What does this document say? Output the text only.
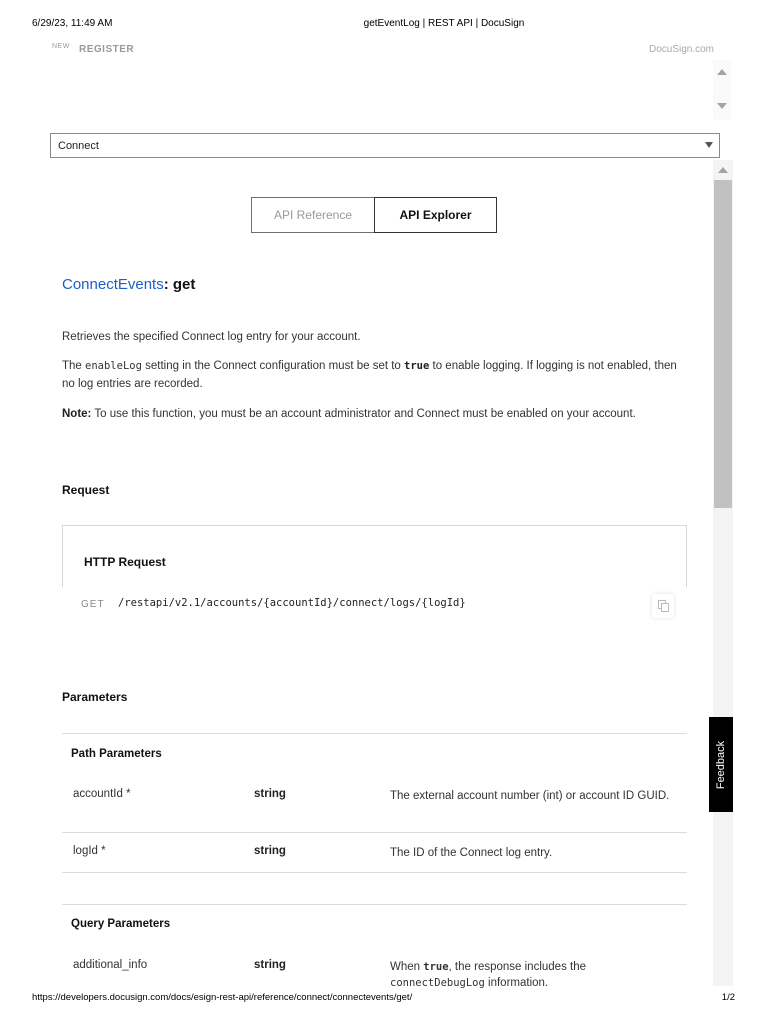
6/29/23, 11:49 AM	getEventLog | REST API | DocuSign
NEW REGISTER	DocuSign.com
Connect
API Reference	API Explorer
ConnectEvents: get

Retrieves the specified Connect log entry for your account.

The enableLog setting in the Connect configuration must be set to true to enable logging. If logging is not enabled, then no log entries are recorded.

Note: To use this function, you must be an account administrator and Connect must be enabled on your account.

Request
HTTP Request
GET /restapi/v2.1/accounts/{accountId}/connect/logs/{logId}
Parameters
Path Parameters
accountId *	string	The external account number (int) or account ID GUID.
logId *	string	The ID of the Connect log entry.
Query Parameters
additional_info	string	When true, the response includes the connectDebugLog information.
Feedback
https://developers.docusign.com/docs/esign-rest-api/reference/connect/connectevents/get/	1/2
